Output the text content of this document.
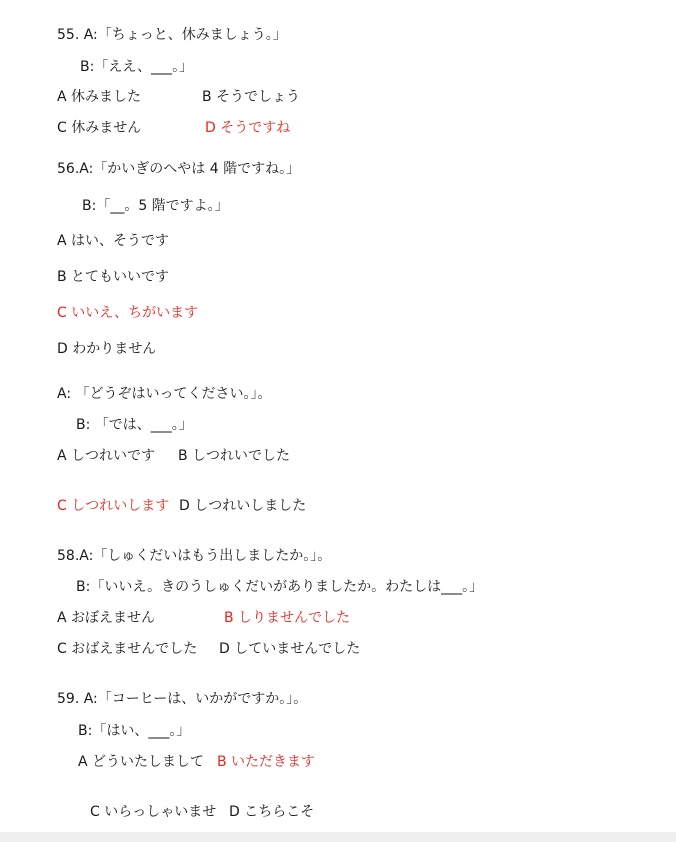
55. A:「ちょっと、休みましょう。」
B:「ええ、___。」
A 休みました	B そうでしょう
C 休みません	D そうですね
56.A:「かいぎのへやは 4 階ですね。」
B:「__。5 階ですよ。」
A はい、そうです
B とてもいいです
C いいえ、ちがいます
D わかりません
A: 「どうぞはいってください。」。
B: 「では、___。」
A しつれいです B しつれいでした
C しつれいします D しつれいしました
58.A:「しゅくだいはもう出しましたか。」。
B:「いいえ。きのうしゅくだいがありましたか。わたしは___。」
A おぼえません	B しりませんでした
C おばえませんでした D していませんでした
59. A:「コーヒーは、いかがですか。」。
B:「はい、___。」
A どういたしまして B いただきます
C いらっしゃいませ D こちらこそ
